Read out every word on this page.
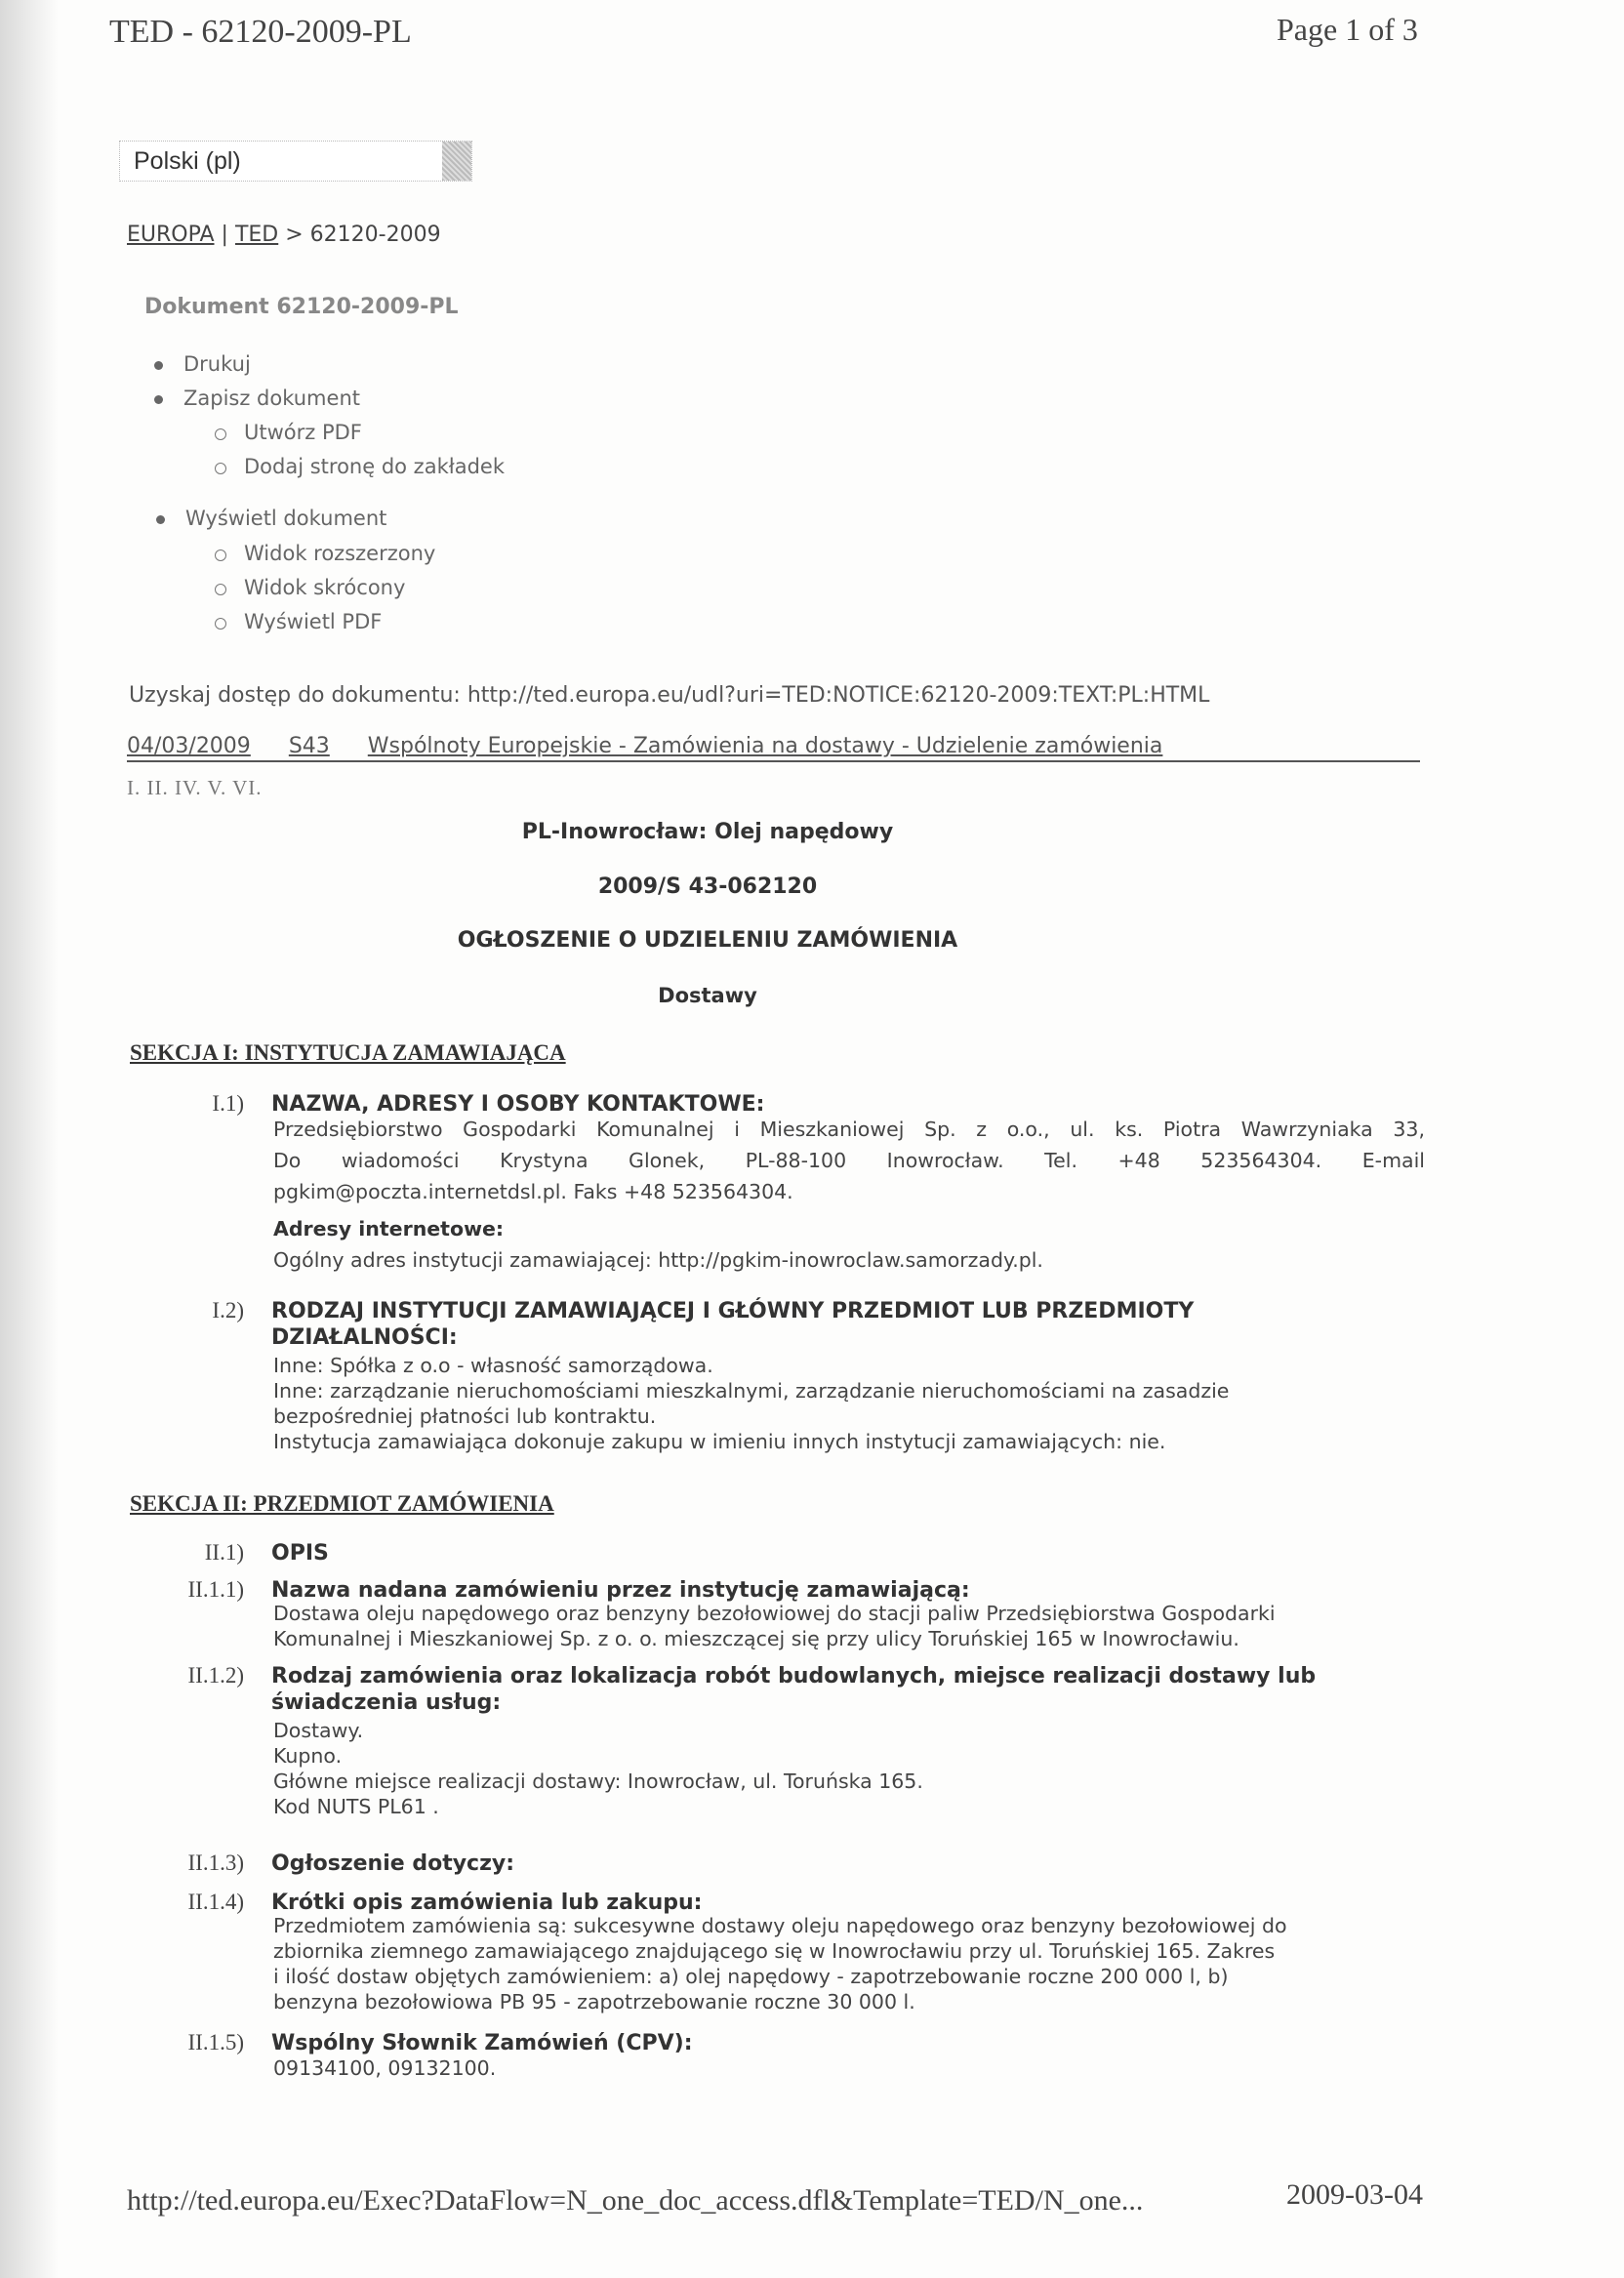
TED - 62120-2009-PL	Page 1 of 3
Polski (pl)
EUROPA | TED > 62120-2009
Dokument 62120-2009-PL
Drukuj
Zapisz dokument
Utwórz PDF
Dodaj stronę do zakładek
Wyświetl dokument
Widok rozszerzony
Widok skrócony
Wyświetl PDF
Uzyskaj dostęp do dokumentu: http://ted.europa.eu/udl?uri=TED:NOTICE:62120-2009:TEXT:PL:HTML
04/03/2009 S43 Wspólnoty Europejskie - Zamówienia na dostawy - Udzielenie zamówienia
I. II. IV. V. VI.
PL-Inowrocław: Olej napędowy
2009/S 43-062120
OGŁOSZENIE O UDZIELENIU ZAMÓWIENIA
Dostawy
SEKCJA I: INSTYTUCJA ZAMAWIAJĄCA
I.1) NAZWA, ADRESY I OSOBY KONTAKTOWE:

Przedsiębiorstwo Gospodarki Komunalnej i Mieszkaniowej Sp. z o.o., ul. ks. Piotra Wawrzyniaka 33,

Do wiadomości Krystyna Glonek, PL-88-100 Inowrocław. Tel. +48 523564304. E-mail

pgkim@poczta.internetdsl.pl. Faks +48 523564304.

Adresy internetowe:

Ogólny adres instytucji zamawiającej: http://pgkim-inowroclaw.samorzady.pl.

I.2) RODZAJ INSTYTUCJI ZAMAWIAJĄCEJ I GŁÓWNY PRZEDMIOT LUB PRZEDMIOTY DZIAŁALNOŚCI:

Inne: Spółka z o.o - własność samorządowa.

Inne: zarządzanie nieruchomościami mieszkalnymi, zarządzanie nieruchomościami na zasadzie

bezpośredniej płatności lub kontraktu.

Instytucja zamawiająca dokonuje zakupu w imieniu innych instytucji zamawiających: nie.

SEKCJA II: PRZEDMIOT ZAMÓWIENIA
II.1) OPIS
II.1.1) Nazwa nadana zamówieniu przez instytucję zamawiającą:

Dostawa oleju napędowego oraz benzyny bezołowiowej do stacji paliw Przedsiębiorstwa Gospodarki

Komunalnej i Mieszkaniowej Sp. z o. o. mieszczącej się przy ulicy Toruńskiej 165 w Inowrocławiu.

II.1.2) Rodzaj zamówienia oraz lokalizacja robót budowlanych, miejsce realizacji dostawy lub świadczenia usług:

Dostawy.

Kupno.

Główne miejsce realizacji dostawy: Inowrocław, ul. Toruńska 165.

Kod NUTS PL61 .

II.1.3) Ogłoszenie dotyczy:
II.1.4) Krótki opis zamówienia lub zakupu:

Przedmiotem zamówienia są: sukcesywne dostawy oleju napędowego oraz benzyny bezołowiowej do

zbiornika ziemnego zamawiającego znajdującego się w Inowrocławiu przy ul. Toruńskiej 165. Zakres

i ilość dostaw objętych zamówieniem: a) olej napędowy - zapotrzebowanie roczne 200 000 l, b)

benzyna bezołowiowa PB 95 - zapotrzebowanie roczne 30 000 l.

II.1.5) Wspólny Słownik Zamówień (CPV):

09134100, 09132100.

http://ted.europa.eu/Exec?DataFlow=N_one_doc_access.dfl&Template=TED/N_one...	2009-03-04
